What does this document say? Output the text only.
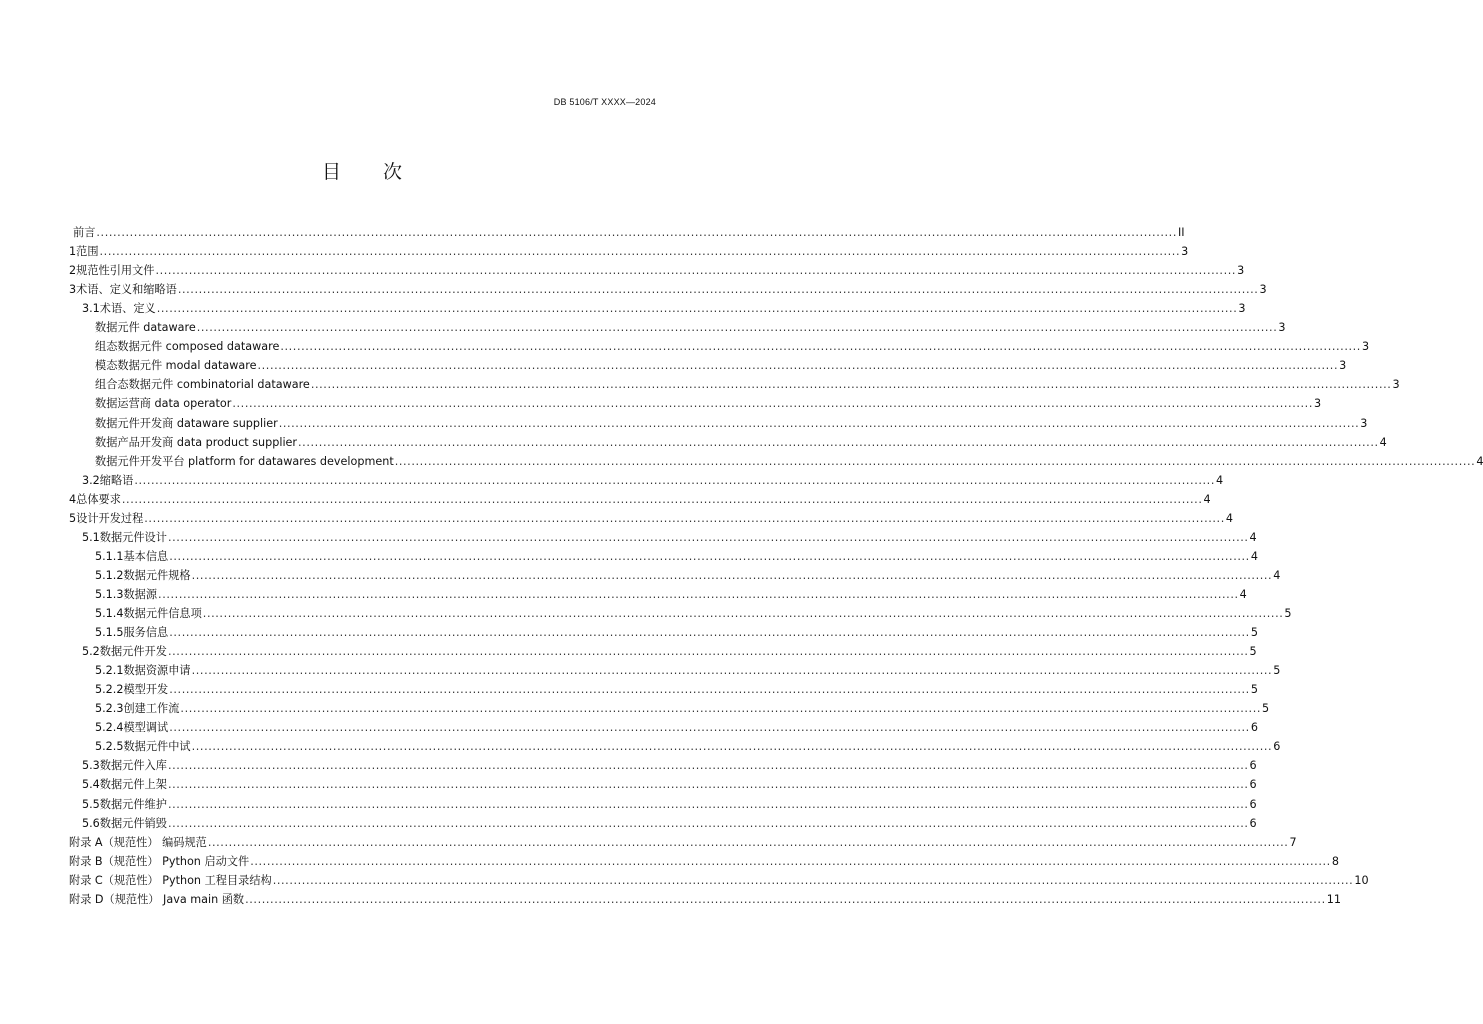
DB 5106/T XXXX—2024
目 次
前言 .................................................................................................................................................................................................................................................................... II
1 范围 .................................................................................................................................................................................................................................................................... 3
2 规范性引用文件 .................................................................................................................................................................................................................................................................... 3
3 术语、定义和缩略语 .................................................................................................................................................................................................................................................................... 3
3.1 术语、定义 .................................................................................................................................................................................................................................................................... 3
数据元件 dataware .................................................................................................................................................................................................................................................................... 3
组态数据元件 composed dataware .................................................................................................................................................................................................................................................................... 3
模态数据元件 modal dataware .................................................................................................................................................................................................................................................................... 3
组合态数据元件 combinatorial dataware .................................................................................................................................................................................................................................................................... 3
数据运营商 data operator .................................................................................................................................................................................................................................................................... 3
数据元件开发商 dataware supplier .................................................................................................................................................................................................................................................................... 3
数据产品开发商 data product supplier .................................................................................................................................................................................................................................................................... 4
数据元件开发平台 platform for datawares development .................................................................................................................................................................................................................................................................... 4
3.2 缩略语 .................................................................................................................................................................................................................................................................... 4
4 总体要求 .................................................................................................................................................................................................................................................................... 4
5 设计开发过程 .................................................................................................................................................................................................................................................................... 4
5.1 数据元件设计 .................................................................................................................................................................................................................................................................... 4
5.1.1 基本信息 .................................................................................................................................................................................................................................................................... 4
5.1.2 数据元件规格 .................................................................................................................................................................................................................................................................... 4
5.1.3 数据源 .................................................................................................................................................................................................................................................................... 4
5.1.4 数据元件信息项 .................................................................................................................................................................................................................................................................... 5
5.1.5 服务信息 .................................................................................................................................................................................................................................................................... 5
5.2 数据元件开发 .................................................................................................................................................................................................................................................................... 5
5.2.1 数据资源申请 .................................................................................................................................................................................................................................................................... 5
5.2.2 模型开发 .................................................................................................................................................................................................................................................................... 5
5.2.3 创建工作流 .................................................................................................................................................................................................................................................................... 5
5.2.4 模型调试 .................................................................................................................................................................................................................................................................... 6
5.2.5 数据元件中试 .................................................................................................................................................................................................................................................................... 6
5.3 数据元件入库 .................................................................................................................................................................................................................................................................... 6
5.4 数据元件上架 .................................................................................................................................................................................................................................................................... 6
5.5 数据元件维护 .................................................................................................................................................................................................................................................................... 6
5.6 数据元件销毁 .................................................................................................................................................................................................................................................................... 6
附录 A （规范性） 编码规范 .................................................................................................................................................................................................................................................................... 7
附录 B （规范性） Python 启动文件 .................................................................................................................................................................................................................................................................... 8
附录 C （规范性） Python 工程目录结构 .................................................................................................................................................................................................................................................................... 10
附录 D （规范性） Java main 函数 .................................................................................................................................................................................................................................................................... 11
